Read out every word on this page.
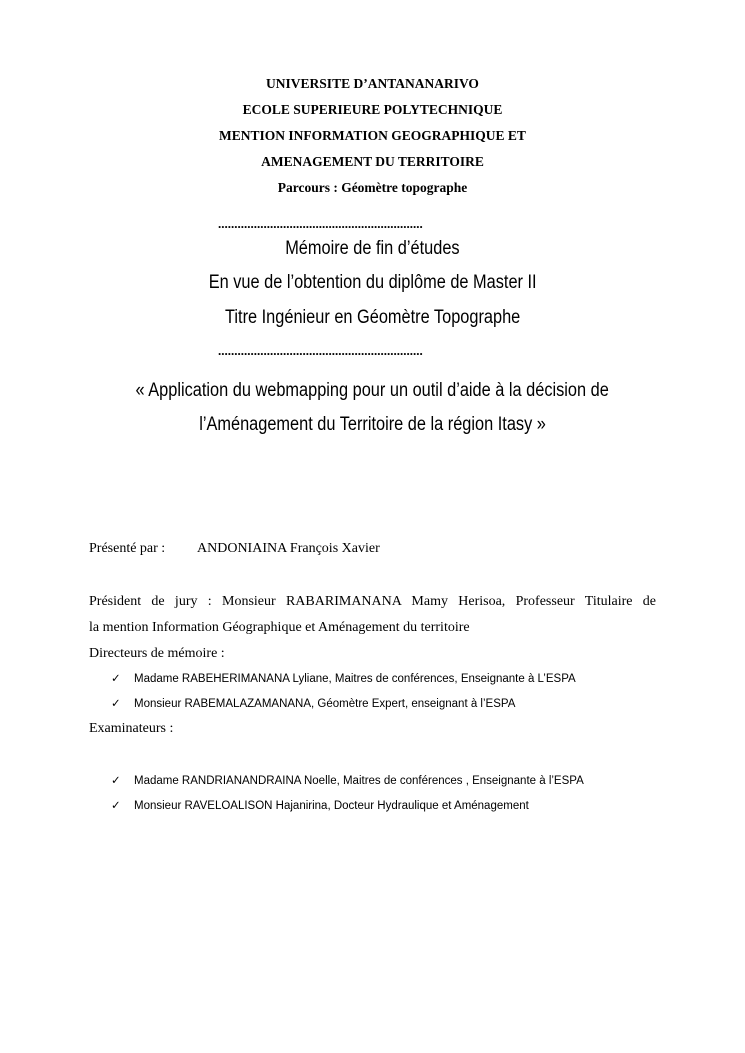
UNIVERSITE D’ANTANANARIVO
ECOLE SUPERIEURE POLYTECHNIQUE
MENTION INFORMATION GEOGRAPHIQUE ET
AMENAGEMENT DU TERRITOIRE
Parcours : Géomètre topographe
...............................................................
Mémoire de fin d’études
En vue de l’obtention du diplôme de Master II
Titre Ingénieur en Géomètre Topographe
...............................................................
« Application du webmapping pour un outil d’aide à la décision de
l’Aménagement du Territoire de la région Itasy »
Présenté par : ANDONIAINA François Xavier
Président de jury : Monsieur RABARIMANANA Mamy Herisoa, Professeur Titulaire de
la mention Information Géographique et Aménagement du territoire
Directeurs de mémoire :
✓ Madame RABEHERIMANANA Lyliane, Maitres de conférences, Enseignante à L’ESPA
✓ Monsieur RABEMALAZAMANANA, Géomètre Expert, enseignant à l’ESPA
Examinateurs :
✓ Madame RANDRIANANDRAINA Noelle, Maitres de conférences , Enseignante à l’ESPA
✓ Monsieur RAVELOALISON Hajanirina, Docteur Hydraulique et Aménagement
